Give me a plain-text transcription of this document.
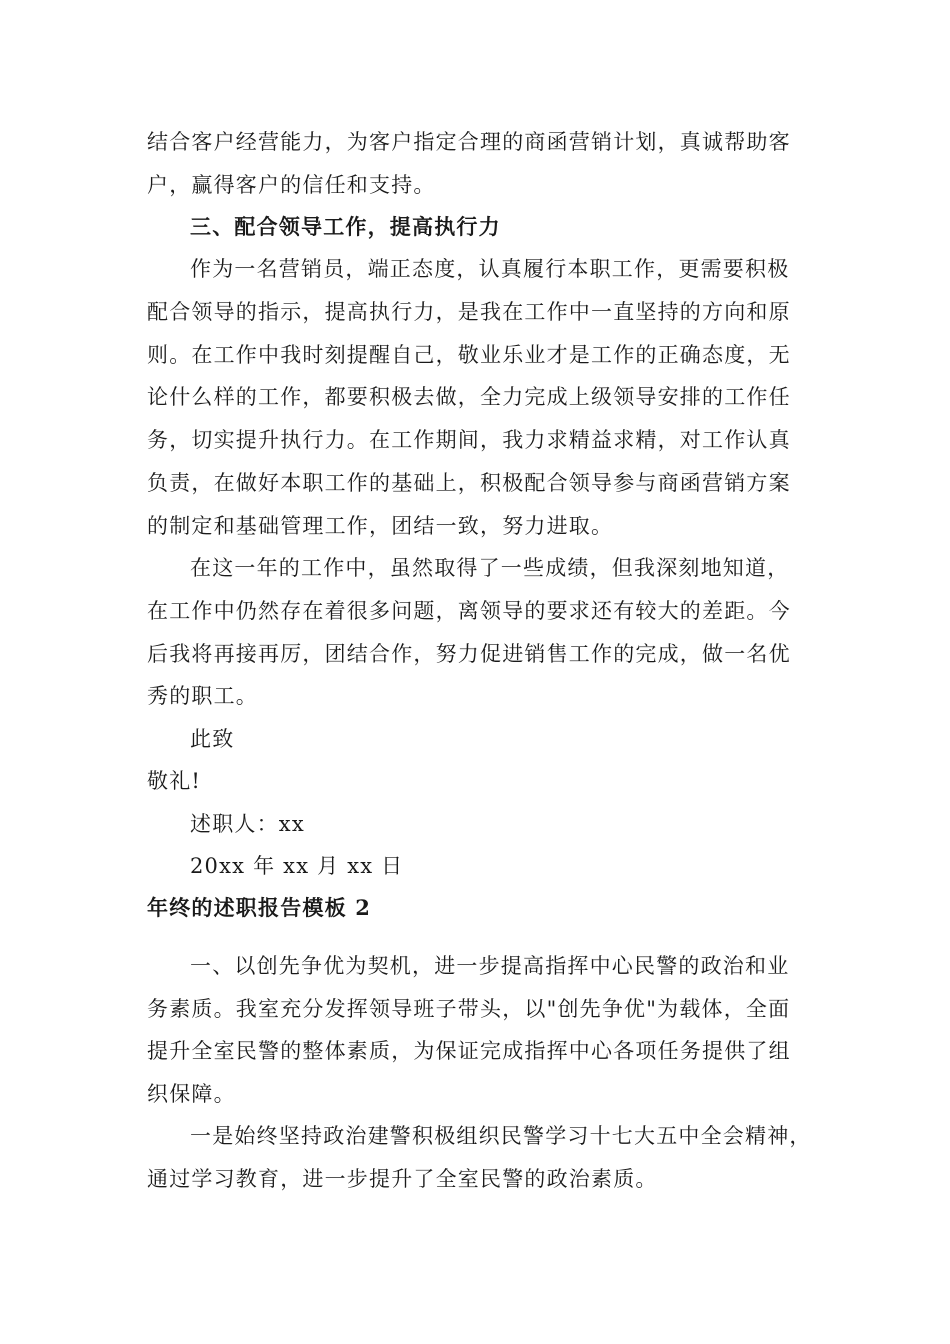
结合客户经营能力，为客户指定合理的商函营销计划，真诚帮助客
户，赢得客户的信任和支持。
三、配合领导工作，提高执行力
作为一名营销员，端正态度，认真履行本职工作，更需要积极
配合领导的指示，提高执行力，是我在工作中一直坚持的方向和原
则。在工作中我时刻提醒自己，敬业乐业才是工作的正确态度，无
论什么样的工作，都要积极去做，全力完成上级领导安排的工作任
务，切实提升执行力。在工作期间，我力求精益求精，对工作认真
负责，在做好本职工作的基础上，积极配合领导参与商函营销方案
的制定和基础管理工作，团结一致，努力进取。
在这一年的工作中，虽然取得了一些成绩，但我深刻地知道，
在工作中仍然存在着很多问题，离领导的要求还有较大的差距。今
后我将再接再厉，团结合作，努力促进销售工作的完成，做一名优
秀的职工。
此致
敬礼!
述职人：xx
20xx 年 xx 月 xx 日
年终的述职报告模板 2
一、以创先争优为契机，进一步提高指挥中心民警的政治和业
务素质。我室充分发挥领导班子带头，以"创先争优"为载体，全面
提升全室民警的整体素质，为保证完成指挥中心各项任务提供了组
织保障。
一是始终坚持政治建警积极组织民警学习十七大五中全会精神，
通过学习教育，进一步提升了全室民警的政治素质。
